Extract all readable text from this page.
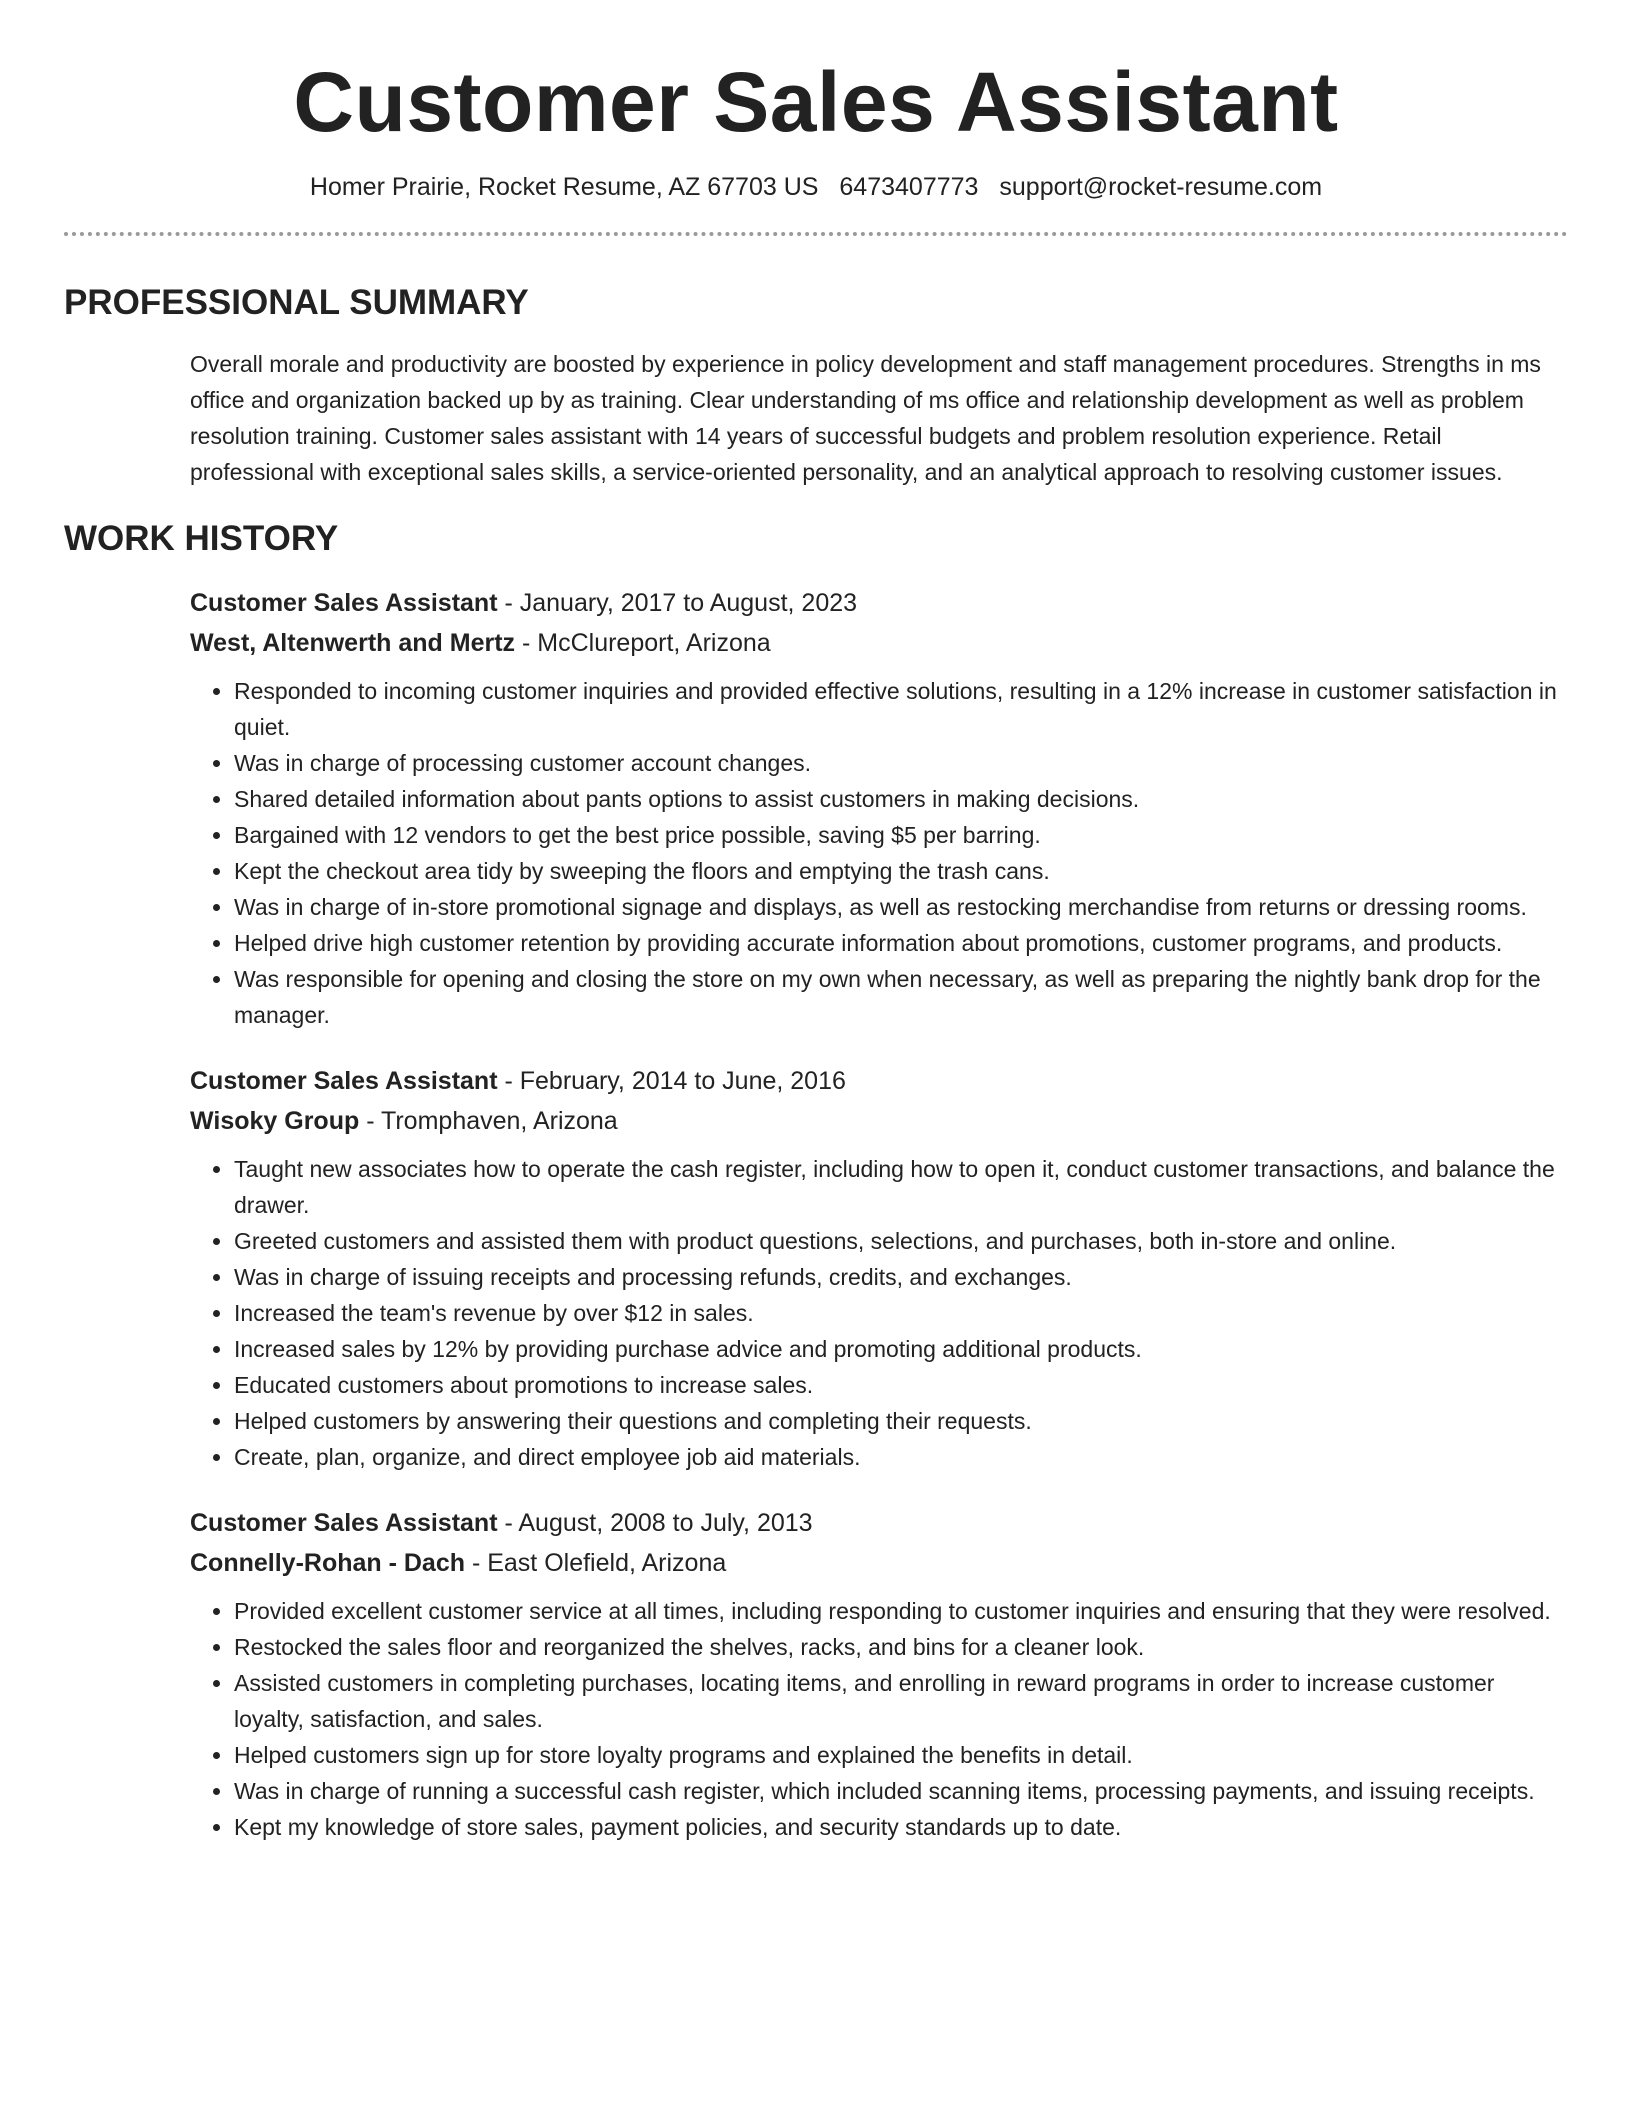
Customer Sales Assistant
Homer Prairie, Rocket Resume, AZ 67703 US 6473407773 support@rocket-resume.com
PROFESSIONAL SUMMARY

Overall morale and productivity are boosted by experience in policy development and staff management procedures. Strengths in ms office and organization backed up by as training. Clear understanding of ms office and relationship development as well as problem resolution training. Customer sales assistant with 14 years of successful budgets and problem resolution experience. Retail professional with exceptional sales skills, a service-oriented personality, and an analytical approach to resolving customer issues.

WORK HISTORY
Customer Sales Assistant - January, 2017 to August, 2023
West, Altenwerth and Mertz - McClureport, Arizona
• Responded to incoming customer inquiries and provided effective solutions, resulting in a 12% increase in customer satisfaction in quiet.
• Was in charge of processing customer account changes.
• Shared detailed information about pants options to assist customers in making decisions.
• Bargained with 12 vendors to get the best price possible, saving $5 per barring.
• Kept the checkout area tidy by sweeping the floors and emptying the trash cans.
• Was in charge of in-store promotional signage and displays, as well as restocking merchandise from returns or dressing rooms.
• Helped drive high customer retention by providing accurate information about promotions, customer programs, and products.
• Was responsible for opening and closing the store on my own when necessary, as well as preparing the nightly bank drop for the manager.
Customer Sales Assistant - February, 2014 to June, 2016
Wisoky Group - Tromphaven, Arizona
• Taught new associates how to operate the cash register, including how to open it, conduct customer transactions, and balance the drawer.
• Greeted customers and assisted them with product questions, selections, and purchases, both in-store and online.
• Was in charge of issuing receipts and processing refunds, credits, and exchanges.
• Increased the team's revenue by over $12 in sales.
• Increased sales by 12% by providing purchase advice and promoting additional products.
• Educated customers about promotions to increase sales.
• Helped customers by answering their questions and completing their requests.
• Create, plan, organize, and direct employee job aid materials.
Customer Sales Assistant - August, 2008 to July, 2013
Connelly-Rohan - Dach - East Olefield, Arizona
• Provided excellent customer service at all times, including responding to customer inquiries and ensuring that they were resolved.
• Restocked the sales floor and reorganized the shelves, racks, and bins for a cleaner look.
• Assisted customers in completing purchases, locating items, and enrolling in reward programs in order to increase customer loyalty, satisfaction, and sales.
• Helped customers sign up for store loyalty programs and explained the benefits in detail.
• Was in charge of running a successful cash register, which included scanning items, processing payments, and issuing receipts.
• Kept my knowledge of store sales, payment policies, and security standards up to date.
